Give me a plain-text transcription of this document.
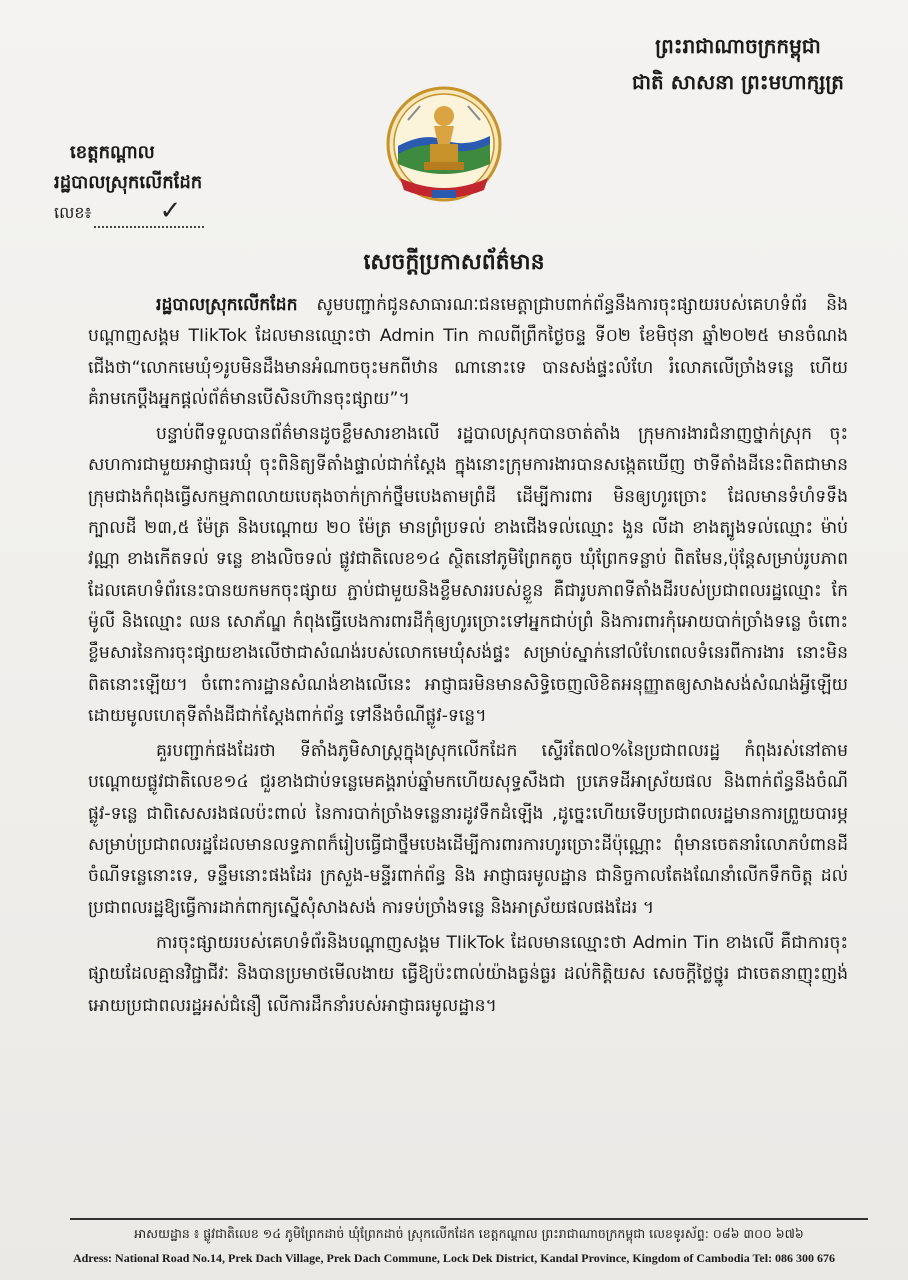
ព្រះរាជាណាចក្រកម្ពុជា
ជាតិ សាសនា ព្រះមហាក្សត្រ
ខេត្តកណ្តាល
រដ្ឋបាលស្រុកលើកដែក
លេខ៖	✓
សេចក្តីប្រកាសព័ត៌មាន

រដ្ឋបាលស្រុកលើកដែក សូមបញ្ជាក់ជូនសាធារណៈជនមេត្តាជ្រាបពាក់ព័ន្ធនឹងការចុះផ្សាយរបស់គេហទំព័រ និងបណ្តាញសង្គម TIikTok ដែលមានឈ្មោះថា Admin Tin កាលពីព្រឹកថ្ងៃចន្ទ ទី០២ ខែមិថុនា ឆ្នាំ២០២៥ មានចំណងជើងថា“លោកមេឃុំ១រូបមិនដឹងមានអំណាចចុះមកពីឋាន ណានោះទេ បានសង់ផ្ទះលំហែ រំលោភលើច្រាំងទន្លេ ហើយគំរាមកេប្តឹងអ្នកផ្តល់ព័ត៌មានបើសិនហ៊ានចុះផ្សាយ”។

បន្ទាប់ពីទទួលបានព័ត៌មានដូចខ្លឹមសារខាងលើ រដ្ឋបាលស្រុកបានចាត់តាំង ក្រុមការងារជំនាញថ្នាក់ស្រុក ចុះសហការជាមួយអាជ្ញាធរឃុំ ចុះពិនិត្យទីតាំងផ្ទាល់ជាក់ស្តែង ក្នុងនោះក្រុមការងារបានសង្កេតឃើញ ថាទីតាំងដីនេះពិតជាមានក្រុមជាងកំពុងធ្វើសកម្មភាពលាយបេតុងចាក់ក្រាក់ថ្នឹមបេងតាមព្រំដី ដើម្បីការពារ មិនឲ្យហូរច្រោះ ដែលមានទំហំទទឹងក្បាលដី ២៣,៥ ម៉ែត្រ និងបណ្តោយ ២០ ម៉ែត្រ មានព្រំប្រទល់ ខាងជើងទល់ឈ្មោះ ងួន លីដា ខាងត្បូងទល់ឈ្មោះ ម៉ាប់ វណ្ណា ខាងកើតទល់ ទន្លេ ខាងលិចទល់ ផ្លូវជាតិលេខ១៤ ស្ថិតនៅភូមិព្រែកតូច ឃុំព្រែកទន្លាប់ ពិតមែន,ប៉ុន្តែសម្រាប់រូបភាពដែលគេហទំព័រនេះបានយកមកចុះផ្សាយ ភ្ជាប់ជាមួយនិងខ្លឹមសាររបស់ខ្លួន គឺជារូបភាពទីតាំងដីរបស់ប្រជាពលរដ្ឋឈ្មោះ កែ ម៉ូលី និងឈ្មោះ ឈន សោភ័ណ្ឌ កំពុងធ្វើបេងការពារដីកុំឲ្យហូរច្រោះទៅអ្នកជាប់ព្រំ និងការពារកុំអោយបាក់ច្រាំងទន្លេ ចំពោះខ្លឹមសារនៃការចុះផ្សាយខាងលើថាជាសំណង់របស់លោកមេឃុំសង់ផ្ទះ សម្រាប់ស្នាក់នៅលំហែពេលទំនេរពីការងារ នោះមិនពិតនោះឡើយ។ ចំពោះការដ្ឋានសំណង់ខាងលើនេះ អាជ្ញាធរមិនមានសិទ្ធិចេញលិខិតអនុញ្ញាតឲ្យសាងសង់សំណង់អ្វីឡើយដោយមូលហេតុទីតាំងដីជាក់ស្តែងពាក់ព័ន្ធ ទៅនឹងចំណីផ្លូវ-ទន្លេ។

គួរបញ្ជាក់ផងដែរថា ទីតាំងភូមិសាស្ត្រក្នុងស្រុកលើកដែក ស្ទើរតែ៧០%នៃប្រជាពលរដ្ឋ កំពុងរស់នៅតាមបណ្តោយផ្លូវជាតិលេខ១៤ ជួរខាងជាប់ទន្លេមេគង្គរាប់ឆ្នាំមកហើយសុទ្ធសឹងជា ប្រភេទដីអាស្រ័យផល និងពាក់ព័ន្ធនឹងចំណីផ្លូវ-ទន្លេ ជាពិសេសរងផលប៉ះពាល់ នៃការបាក់ច្រាំងទន្លេនារដូវទឹកដំឡើង ,ដូច្នេះហើយទើបប្រជាពលរដ្ឋមានការព្រួយបារម្ភសម្រាប់ប្រជាពលរដ្ឋដែលមានលទ្ធភាពក៏រៀបធ្វើជាថ្នឹមបេងដើម្បីការពារការហូរច្រោះដីប៉ុណ្ណោះ ពុំមានចេតនារំលោភបំពានដីចំណីទន្លេនោះទេ, ទន្ទឹមនោះផងដែរ ក្រសួង-មន្ទីរពាក់ព័ន្ធ និង អាជ្ញាធរមូលដ្ឋាន ជានិច្ចកាលតែងណែនាំលើកទឹកចិត្ត ដល់ប្រជាពលរដ្ឋឱ្យធ្វើការដាក់ពាក្យស្នើសុំសាងសង់ ការទប់ច្រាំងទន្លេ និងអាស្រ័យផលផងដែរ ។

ការចុះផ្សាយរបស់គេហទំព័រនិងបណ្តាញសង្គម TIikTok ដែលមានឈ្មោះថា Admin Tin ខាងលើ គឺជាការចុះផ្សាយដែលគ្មានវិជ្ជាជីវៈ និងបានប្រមាថមើលងាយ ធ្វើឱ្យប៉ះពាល់យ៉ាងធ្ងន់ធ្ងរ ដល់កិត្តិយស សេចក្តីថ្លៃថ្នូរ ជាចេតនាញុះញង់ អោយប្រជាពលរដ្ឋអស់ជំនឿ លើការដឹកនាំរបស់អាជ្ញាធរមូលដ្ឋាន។

អាសយដ្ឋាន ៖ ផ្លូវជាតិលេខ ១៤ ភូមិព្រែកដាច់ ឃុំព្រែកដាច់ ស្រុកលើកដែក ខេត្តកណ្តាល ព្រះរាជាណាចក្រកម្ពុជា លេខទូរស័ព្ទ: ០៨៦ ៣០០ ៦៧៦
Adress: National Road No.14, Prek Dach Village, Prek Dach Commune, Lock Dek District, Kandal Province, Kingdom of Cambodia Tel: 086 300 676
